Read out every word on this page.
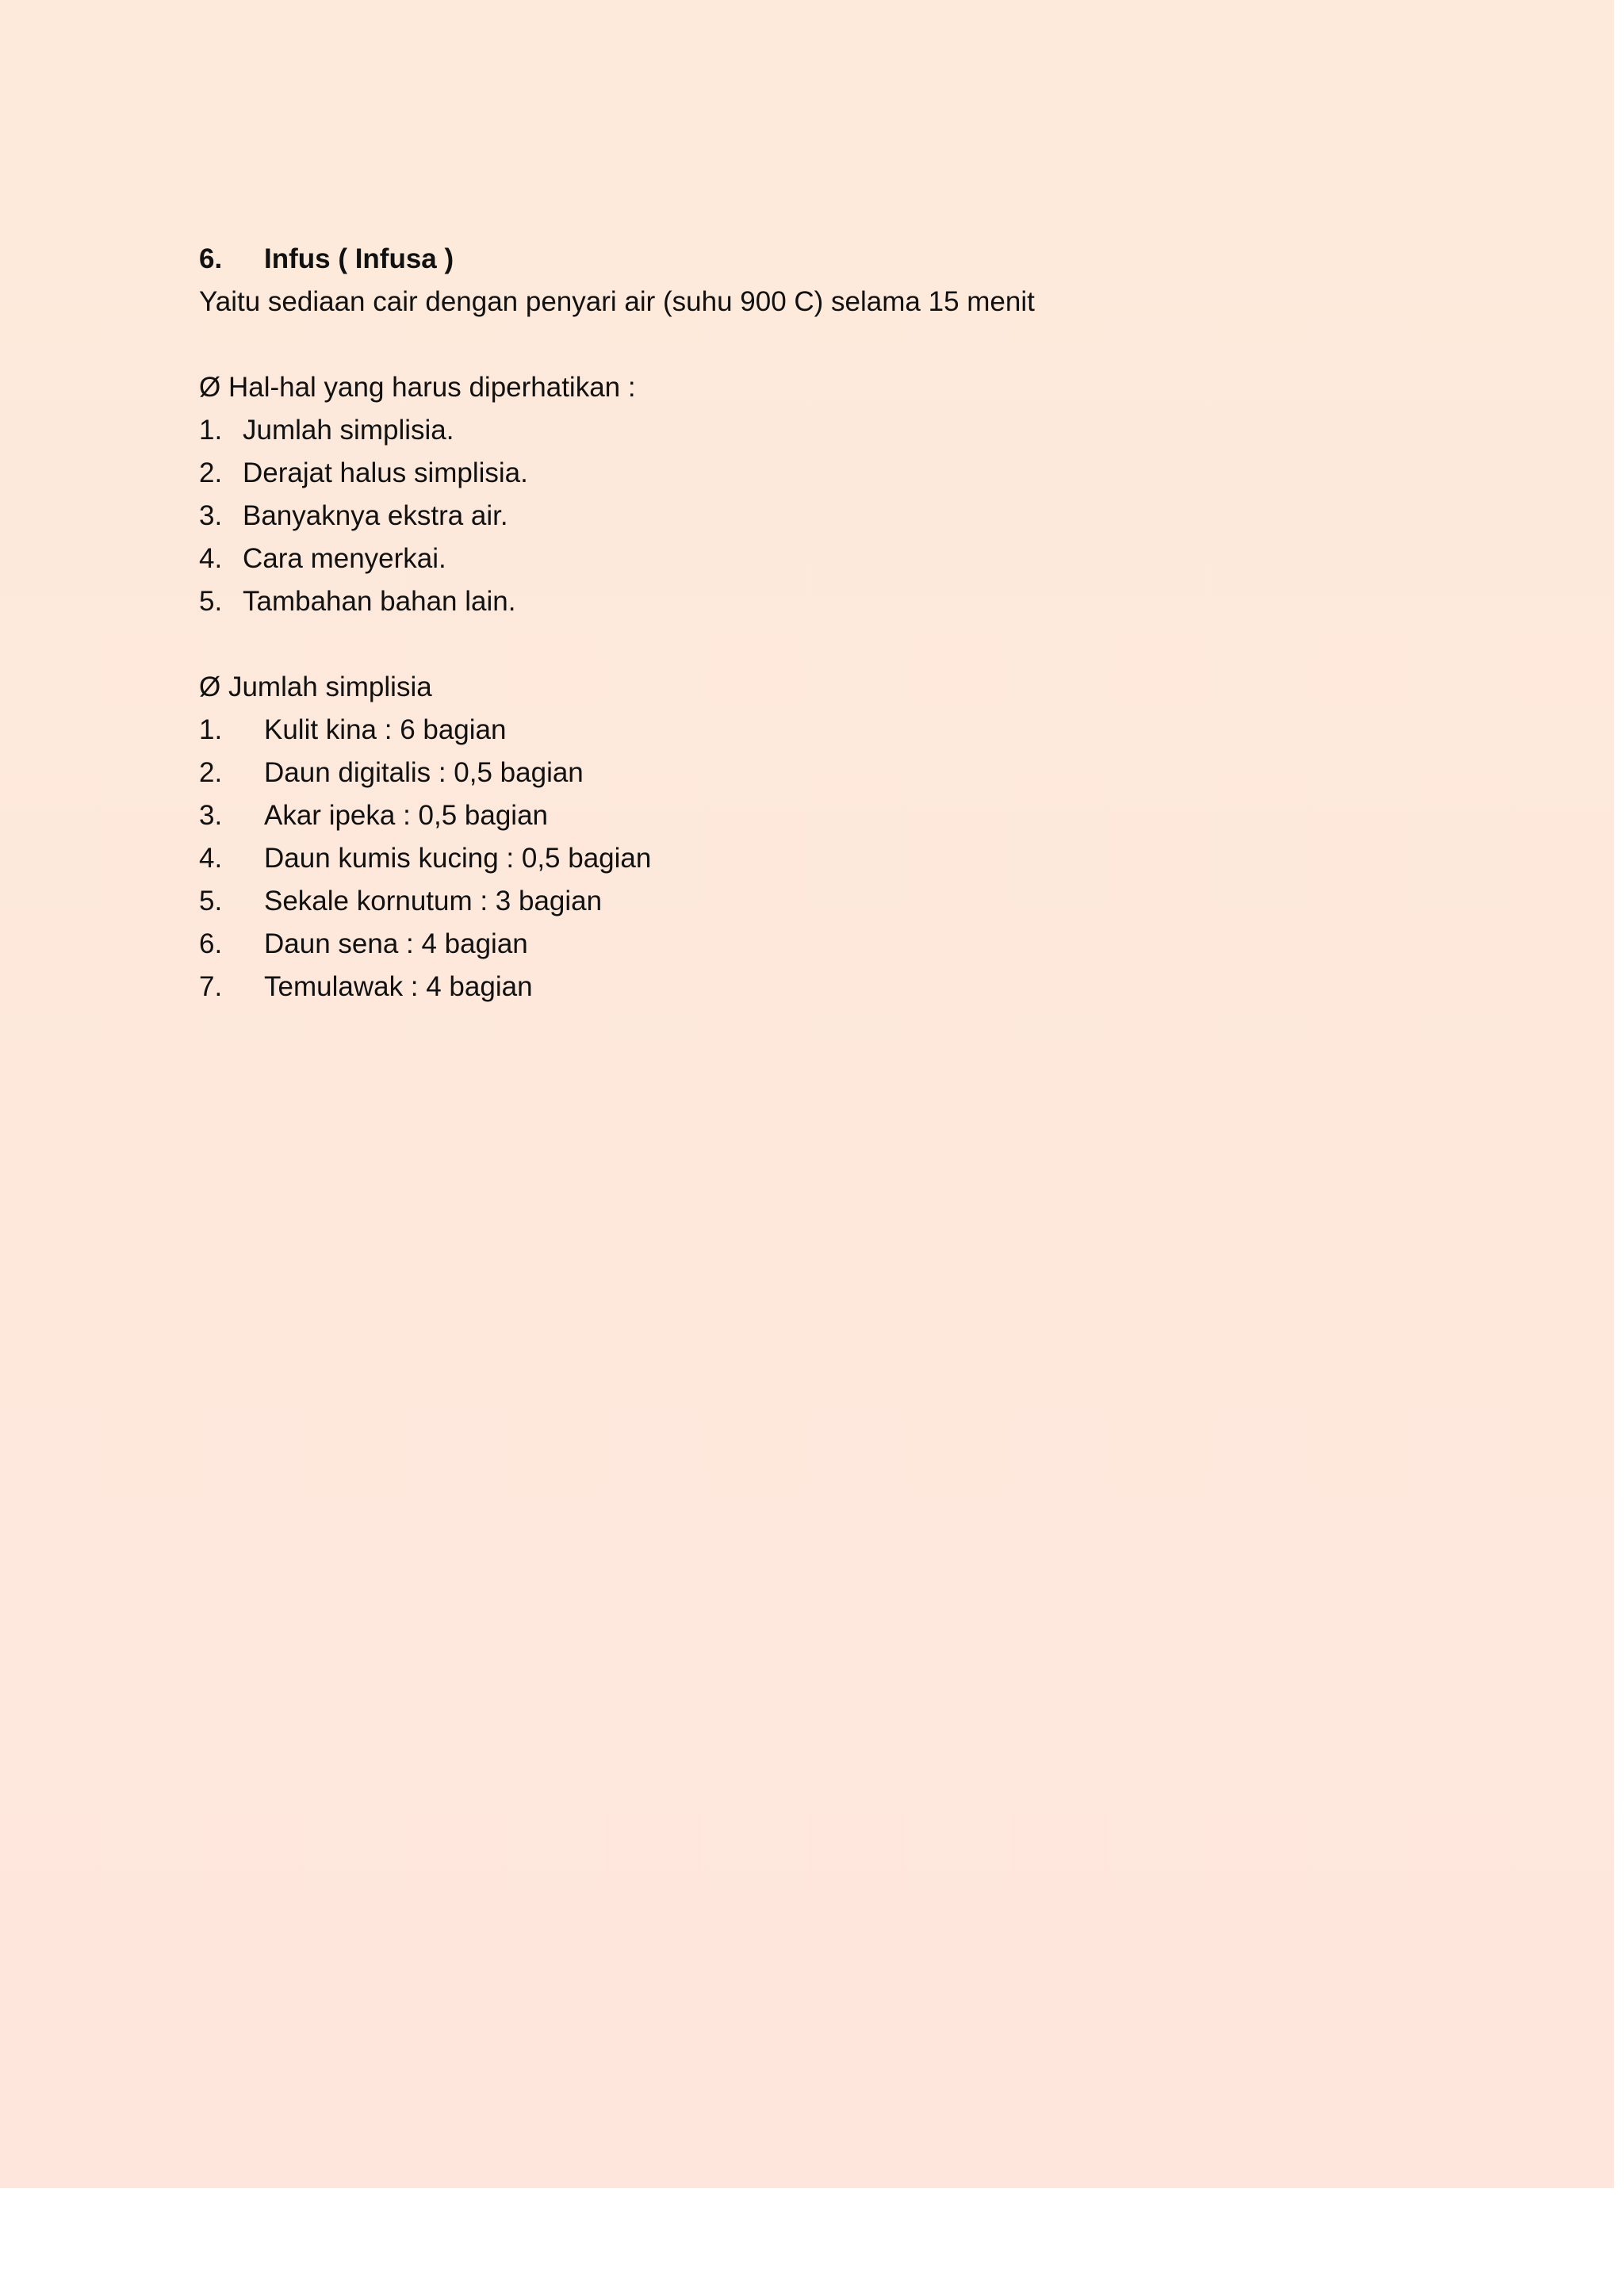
6. Infus ( Infusa )
Yaitu sediaan cair dengan penyari air (suhu 900 C) selama 15 menit
Ø Hal-hal yang harus diperhatikan :
1. Jumlah simplisia.
2. Derajat halus simplisia.
3. Banyaknya ekstra air.
4. Cara menyerkai.
5. Tambahan bahan lain.
Ø Jumlah simplisia
1. Kulit kina : 6 bagian
2. Daun digitalis : 0,5 bagian
3. Akar ipeka : 0,5 bagian
4. Daun kumis kucing : 0,5 bagian
5. Sekale kornutum : 3 bagian
6. Daun sena : 4 bagian
7. Temulawak : 4 bagian
